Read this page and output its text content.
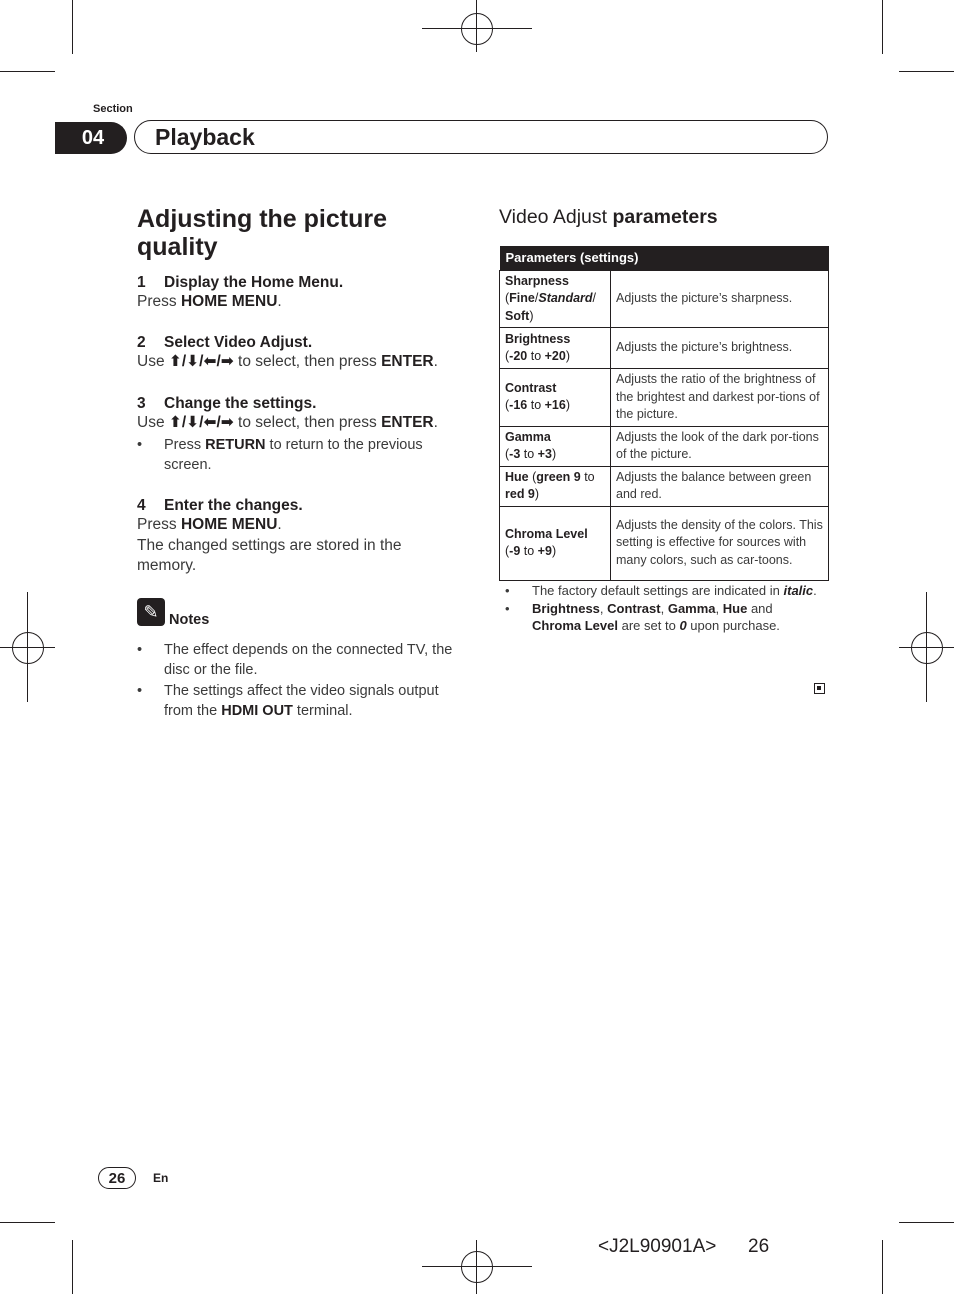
Section
04	Playback
Adjusting the picture quality
1 Display the Home Menu.
Press HOME MENU.
2 Select Video Adjust.
Use ⬆/⬇/⬅/➡ to select, then press ENTER.
3 Change the settings.
Use ⬆/⬇/⬅/➡ to select, then press ENTER.
• Press RETURN to return to the previous screen.
4 Enter the changes.
Press HOME MENU.
The changed settings are stored in the memory.
✎ Notes
• The effect depends on the connected TV, the disc or the file.
• The settings affect the video signals output from the HDMI OUT terminal.
Video Adjust parameters
Parameters (settings)	
Sharpness
(Fine/Standard/
Soft)	Adjusts the picture’s sharpness.
Brightness
(-20 to +20)	Adjusts the picture’s brightness.
Contrast
(-16 to +16)	Adjusts the ratio of the brightness of the brightest and darkest por-tions of the picture.
Gamma
(-3 to +3)	Adjusts the look of the dark por-tions of the picture.
Hue (green 9 to
red 9)	Adjusts the balance between green and red.
Chroma Level
(-9 to +9)	Adjusts the density of the colors. This setting is effective for sources with many colors, such as car-toons.
• The factory default settings are indicated in italic.
• Brightness, Contrast, Gamma, Hue and Chroma Level are set to 0 upon purchase.
26	En
<J2L90901A> 26
